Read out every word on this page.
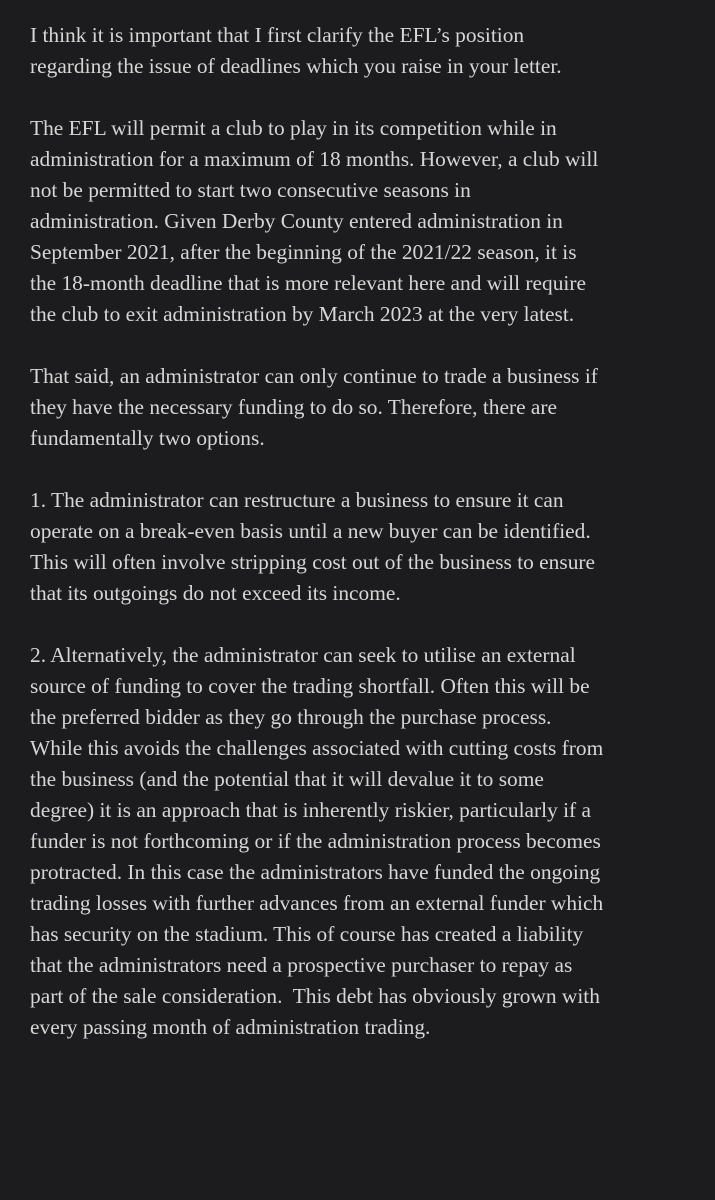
I think it is important that I first clarify the EFL’s position
regarding the issue of deadlines which you raise in your letter.

The EFL will permit a club to play in its competition while in
administration for a maximum of 18 months. However, a club will
not be permitted to start two consecutive seasons in
administration. Given Derby County entered administration in
September 2021, after the beginning of the 2021/22 season, it is
the 18-month deadline that is more relevant here and will require
the club to exit administration by March 2023 at the very latest.

That said, an administrator can only continue to trade a business if
they have the necessary funding to do so. Therefore, there are
fundamentally two options.

1. The administrator can restructure a business to ensure it can
operate on a break-even basis until a new buyer can be identified.
This will often involve stripping cost out of the business to ensure
that its outgoings do not exceed its income.

2. Alternatively, the administrator can seek to utilise an external
source of funding to cover the trading shortfall. Often this will be
the preferred bidder as they go through the purchase process.
While this avoids the challenges associated with cutting costs from
the business (and the potential that it will devalue it to some
degree) it is an approach that is inherently riskier, particularly if a
funder is not forthcoming or if the administration process becomes
protracted. In this case the administrators have funded the ongoing
trading losses with further advances from an external funder which
has security on the stadium. This of course has created a liability
that the administrators need a prospective purchaser to repay as
part of the sale consideration.  This debt has obviously grown with
every passing month of administration trading.
